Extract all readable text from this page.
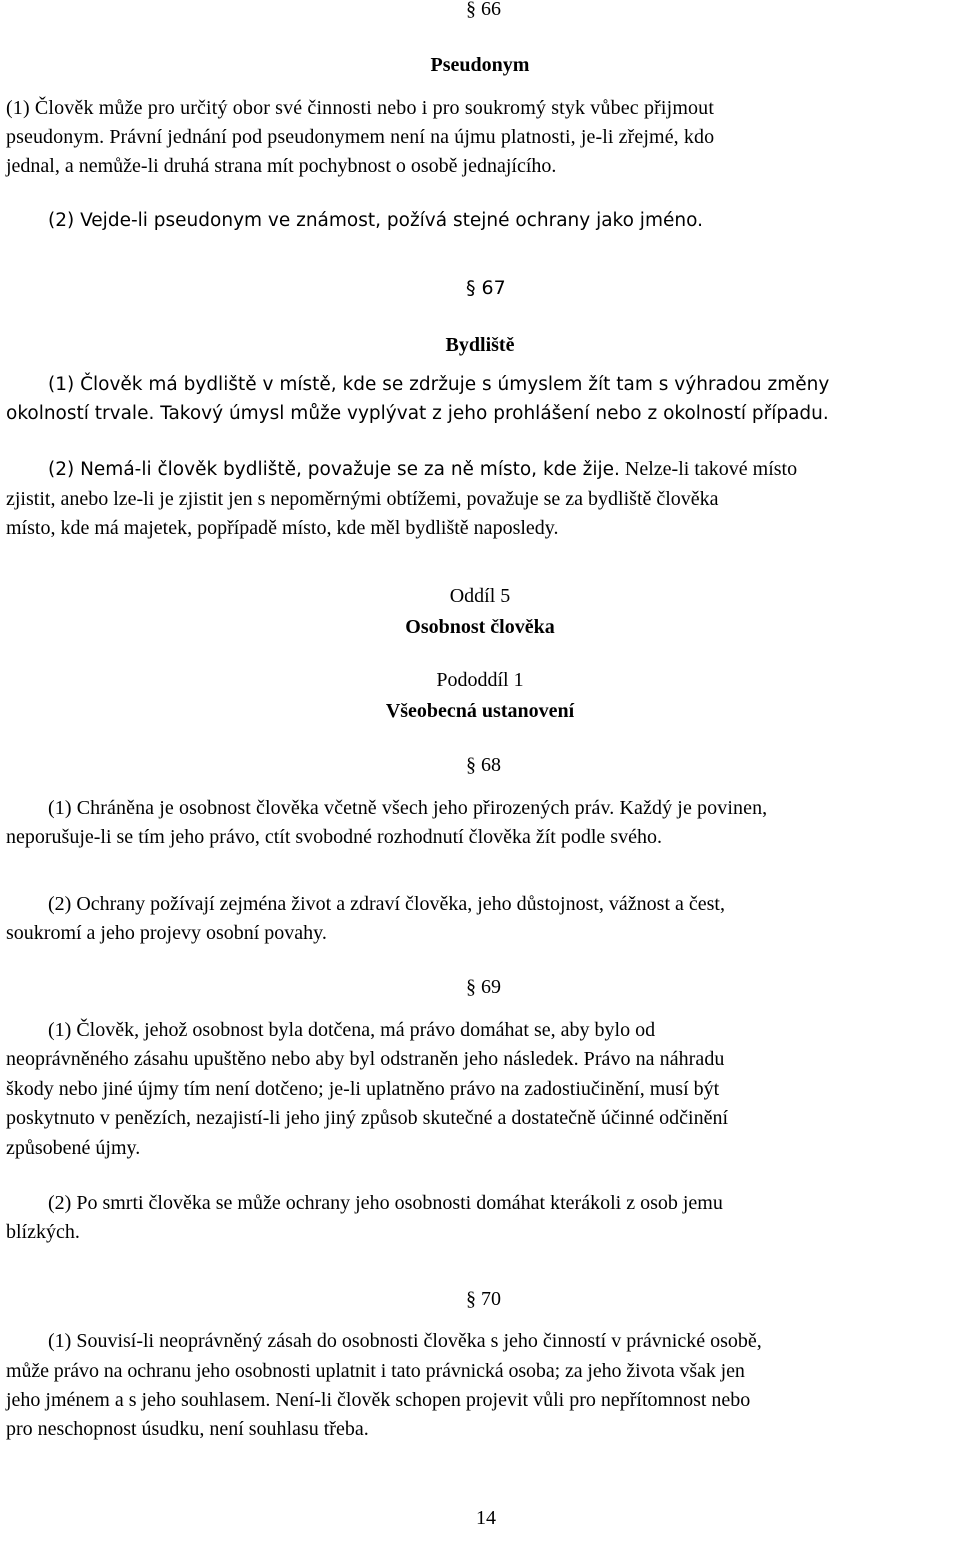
§ 66
Pseudonym
(1) Člověk může pro určitý obor své činnosti nebo i pro soukromý styk vůbec přijmout
pseudonym. Právní jednání pod pseudonymem není na újmu platnosti, je-li zřejmé, kdo
jednal, a nemůže-li druhá strana mít pochybnost o osobě jednajícího.
(2) Vejde-li pseudonym ve známost, požívá stejné ochrany jako jméno.
§ 67
Bydliště
(1) Člověk má bydliště v místě, kde se zdržuje s úmyslem žít tam s výhradou změny
okolností trvale. Takový úmysl může vyplývat z jeho prohlášení nebo z okolností případu.
(2) Nemá-li člověk bydliště, považuje se za ně místo, kde žije. Nelze-li takové místo
zjistit, anebo lze-li je zjistit jen s nepoměrnými obtížemi, považuje se za bydliště člověka
místo, kde má majetek, popřípadě místo, kde měl bydliště naposledy.
Oddíl 5
Osobnost člověka
Pododdíl 1
Všeobecná ustanovení
§ 68
(1) Chráněna je osobnost člověka včetně všech jeho přirozených práv. Každý je povinen,
neporušuje-li se tím jeho právo, ctít svobodné rozhodnutí člověka žít podle svého.
(2) Ochrany požívají zejména život a zdraví člověka, jeho důstojnost, vážnost a čest,
soukromí a jeho projevy osobní povahy.
§ 69
(1) Člověk, jehož osobnost byla dotčena, má právo domáhat se, aby bylo od
neoprávněného zásahu upuštěno nebo aby byl odstraněn jeho následek. Právo na náhradu
škody nebo jiné újmy tím není dotčeno; je-li uplatněno právo na zadostiučinění, musí být
poskytnuto v penězích, nezajistí-li jeho jiný způsob skutečné a dostatečně účinné odčinění
způsobené újmy.
(2) Po smrti člověka se může ochrany jeho osobnosti domáhat kterákoli z osob jemu
blízkých.
§ 70
(1) Souvisí-li neoprávněný zásah do osobnosti člověka s jeho činností v právnické osobě,
může právo na ochranu jeho osobnosti uplatnit i tato právnická osoba; za jeho života však jen
jeho jménem a s jeho souhlasem. Není-li člověk schopen projevit vůli pro nepřítomnost nebo
pro neschopnost úsudku, není souhlasu třeba.
14
